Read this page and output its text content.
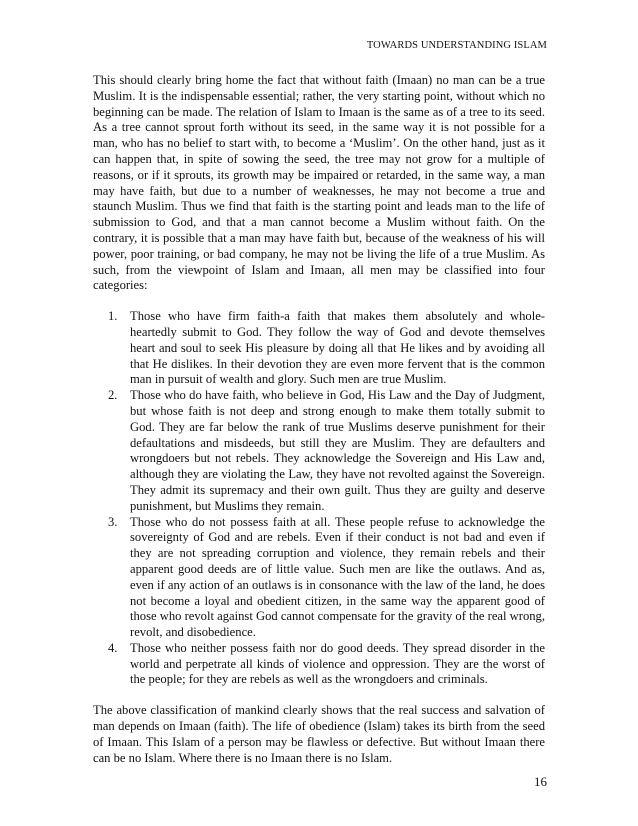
TOWARDS UNDERSTANDING ISLAM

This should clearly bring home the fact that without faith (Imaan) no man can be a true Muslim. It is the indispensable essential; rather, the very starting point, without which no beginning can be made. The relation of Islam to Imaan is the same as of a tree to its seed. As a tree cannot sprout forth without its seed, in the same way it is not possible for a man, who has no belief to start with, to become a ‘Muslim’. On the other hand, just as it can happen that, in spite of sowing the seed, the tree may not grow for a multiple of reasons, or if it sprouts, its growth may be impaired or retarded, in the same way, a man may have faith, but due to a number of weaknesses, he may not become a true and staunch Muslim. Thus we find that faith is the starting point and leads man to the life of submission to God, and that a man cannot become a Muslim without faith. On the contrary, it is possible that a man may have faith but, because of the weakness of his will power, poor training, or bad company, he may not be living the life of a true Muslim. As such, from the viewpoint of Islam and Imaan, all men may be classified into four categories:

1. Those who have firm faith-a faith that makes them absolutely and whole-heartedly submit to God. They follow the way of God and devote themselves heart and soul to seek His pleasure by doing all that He likes and by avoiding all that He dislikes. In their devotion they are even more fervent that is the common man in pursuit of wealth and glory. Such men are true Muslim.
2. Those who do have faith, who believe in God, His Law and the Day of Judgment, but whose faith is not deep and strong enough to make them totally submit to God. They are far below the rank of true Muslims deserve punishment for their defaultations and misdeeds, but still they are Muslim. They are defaulters and wrongdoers but not rebels. They acknowledge the Sovereign and His Law and, although they are violating the Law, they have not revolted against the Sovereign. They admit its supremacy and their own guilt. Thus they are guilty and deserve punishment, but Muslims they remain.
3. Those who do not possess faith at all. These people refuse to acknowledge the sovereignty of God and are rebels. Even if their conduct is not bad and even if they are not spreading corruption and violence, they remain rebels and their apparent good deeds are of little value. Such men are like the outlaws. And as, even if any action of an outlaws is in consonance with the law of the land, he does not become a loyal and obedient citizen, in the same way the apparent good of those who revolt against God cannot compensate for the gravity of the real wrong, revolt, and disobedience.
4. Those who neither possess faith nor do good deeds. They spread disorder in the world and perpetrate all kinds of violence and oppression. They are the worst of the people; for they are rebels as well as the wrongdoers and criminals.

The above classification of mankind clearly shows that the real success and salvation of man depends on Imaan (faith). The life of obedience (Islam) takes its birth from the seed of Imaan. This Islam of a person may be flawless or defective. But without Imaan there can be no Islam. Where there is no Imaan there is no Islam.

16
